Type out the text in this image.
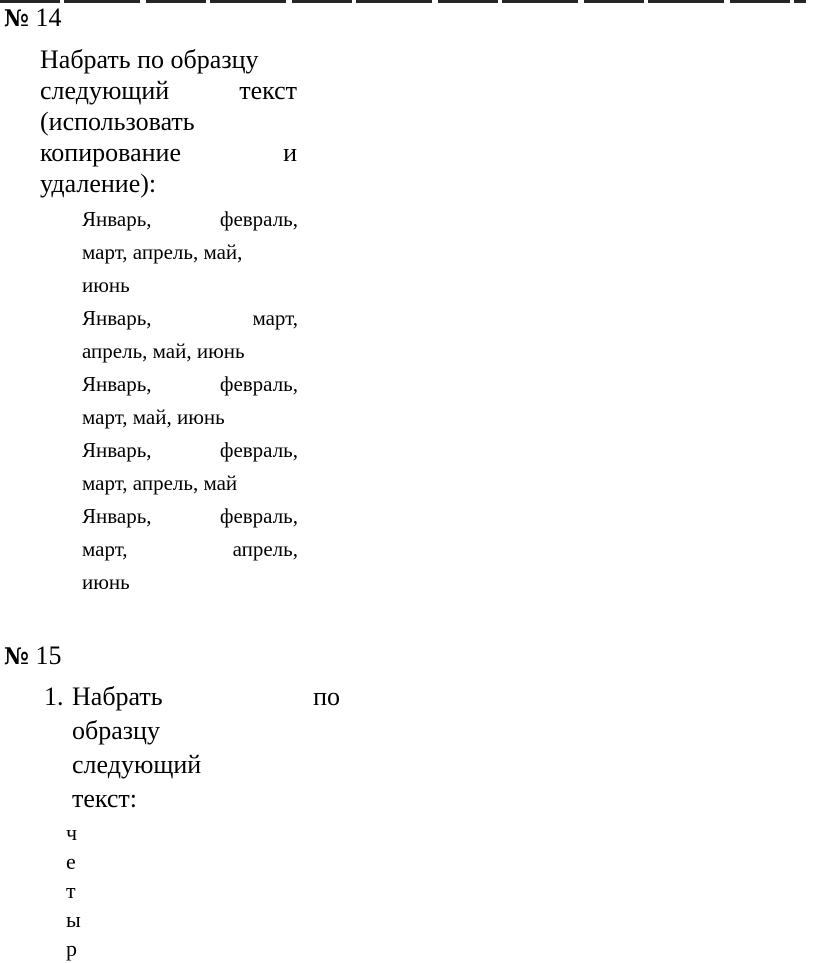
№ 14
Набрать по образцу
следующий	текст
(использовать
копирование	и
удаление):
Январь,	февраль,
март, апрель, май,
июнь
Январь,	март,
апрель, май, июнь
Январь,	февраль,
март, май, июнь
Январь,	февраль,
март, апрель, май
Январь,	февраль,
март,	апрель,
июнь
№ 15
1. Набрать	по
образцу
следующий
текст:
ч
е
т
ы
р
